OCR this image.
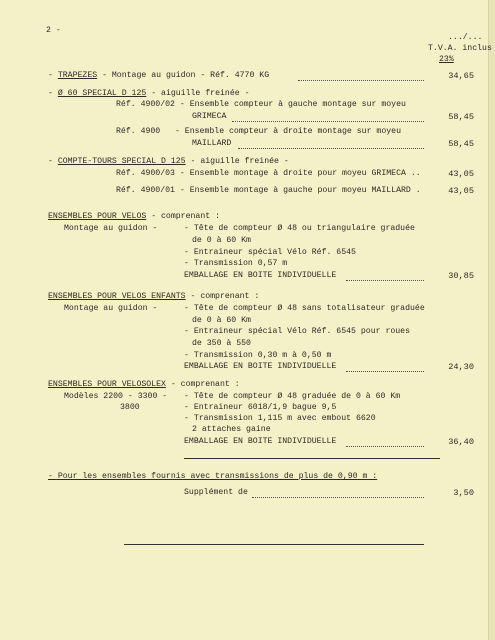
2 -
.../...
T.V.A. inclus
23%
- TRAPEZES - Montage au guidon - Réf. 4770 KG	34,65
- Ø 60 SPECIAL D 125 - aiguille freinée -
Réf. 4900/02 - Ensemble compteur à gauche montage sur moyeu
GRIMECA	58,45
Réf. 4900   - Ensemble compteur à droite montage sur moyeu
MAILLARD	58,45
- COMPTE-TOURS SPECIAL D 125 - aiguille freinée -
Réf. 4900/03 - Ensemble montage à droite pour moyeu GRIMECA ..	43,05
Réf. 4900/01 - Ensemble montage à gauche pour moyeu MAILLARD .	43,05
ENSEMBLES POUR VELOS - comprenant :
Montage au guidon -	- Tête de compteur Ø 48 ou triangulaire graduée
de 0 à 60 Km
- Entraineur spécial Vélo Réf. 6545
- Transmission 0,57 m
EMBALLAGE EN BOITE INDIVIDUELLE	30,85
ENSEMBLES POUR VELOS ENFANTS - comprenant :
Montage au guidon -	- Tête de compteur Ø 48 sans totalisateur graduée
de 0 à 60 Km
- Entraineur spécial Vélo Réf. 6545 pour roues
de 350 à 550
- Transmission 0,30 m à 0,50 m
EMBALLAGE EN BOITE INDIVIDUELLE	24,30
ENSEMBLES POUR VELOSOLEX - comprenant :
Modèles 2200 - 3300 - - Tête de compteur Ø 48 graduée de 0 à 60 Km
3800	- Entraineur 6018/1,9 bague 9,5
- Transmission 1,115 m avec embout 6620
2 attaches gaine
EMBALLAGE EN BOITE INDIVIDUELLE	36,40
- Pour les ensembles fournis avec transmissions de plus de 0,90 m :
Supplément de	3,50
